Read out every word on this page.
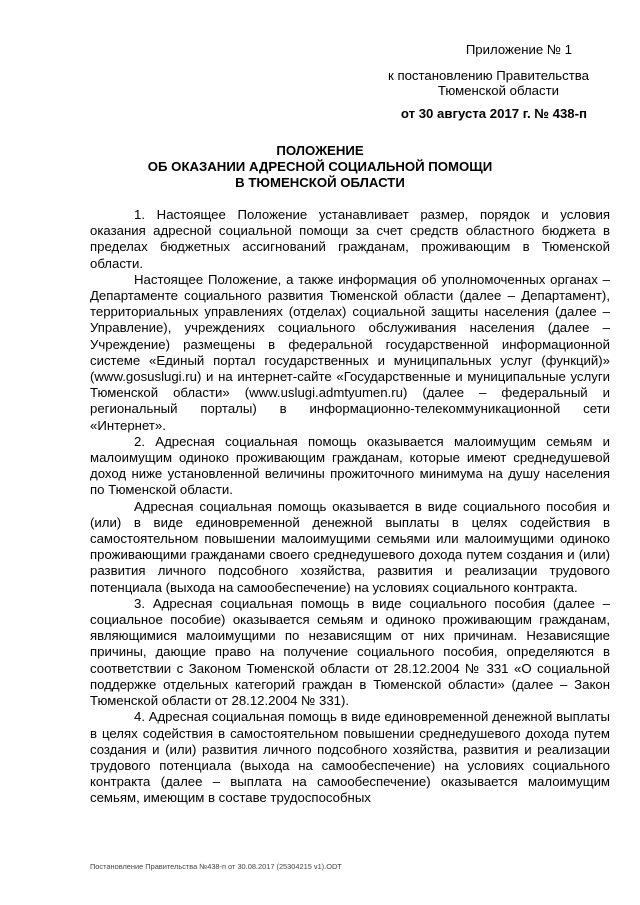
Приложение № 1
к постановлению Правительства
Тюменской области
от 30 августа 2017 г. № 438-п
ПОЛОЖЕНИЕ
ОБ ОКАЗАНИИ АДРЕСНОЙ СОЦИАЛЬНОЙ ПОМОЩИ
В ТЮМЕНСКОЙ ОБЛАСТИ

1. Настоящее Положение устанавливает размер, порядок и условия оказания адресной социальной помощи за счет средств областного бюджета в пределах бюджетных ассигнований гражданам, проживающим в Тюменской области.

Настоящее Положение, а также информация об уполномоченных органах – Департаменте социального развития Тюменской области (далее – Департамент), территориальных управлениях (отделах) социальной защиты населения (далее – Управление), учреждениях социального обслуживания населения (далее – Учреждение) размещены в федеральной государственной информационной системе «Единый портал государственных и муниципальных услуг (функций)» (www.gosuslugi.ru) и на интернет-сайте «Государственные и муниципальные услуги Тюменской области» (www.uslugi.admtyumen.ru) (далее – федеральный и региональный порталы) в информационно-телекоммуникационной сети «Интернет».

2. Адресная социальная помощь оказывается малоимущим семьям и малоимущим одиноко проживающим гражданам, которые имеют среднедушевой доход ниже установленной величины прожиточного минимума на душу населения по Тюменской области.

Адресная социальная помощь оказывается в виде социального пособия и (или) в виде единовременной денежной выплаты в целях содействия в самостоятельном повышении малоимущими семьями или малоимущими одиноко проживающими гражданами своего среднедушевого дохода путем создания и (или) развития личного подсобного хозяйства, развития и реализации трудового потенциала (выхода на самообеспечение) на условиях социального контракта.

3. Адресная социальная помощь в виде социального пособия (далее – социальное пособие) оказывается семьям и одиноко проживающим гражданам, являющимися малоимущими по независящим от них причинам. Независящие причины, дающие право на получение социального пособия, определяются в соответствии с Законом Тюменской области от 28.12.2004 № 331 «О социальной поддержке отдельных категорий граждан в Тюменской области» (далее – Закон Тюменской области от 28.12.2004 № 331).

4. Адресная социальная помощь в виде единовременной денежной выплаты в целях содействия в самостоятельном повышении среднедушевого дохода путем создания и (или) развития личного подсобного хозяйства, развития и реализации трудового потенциала (выхода на самообеспечение) на условиях социального контракта (далее – выплата на самообеспечение) оказывается малоимущим семьям, имеющим в составе трудоспособных

Постановление Правительства №438-п от 30.08.2017 (25304215 v1).ODT
